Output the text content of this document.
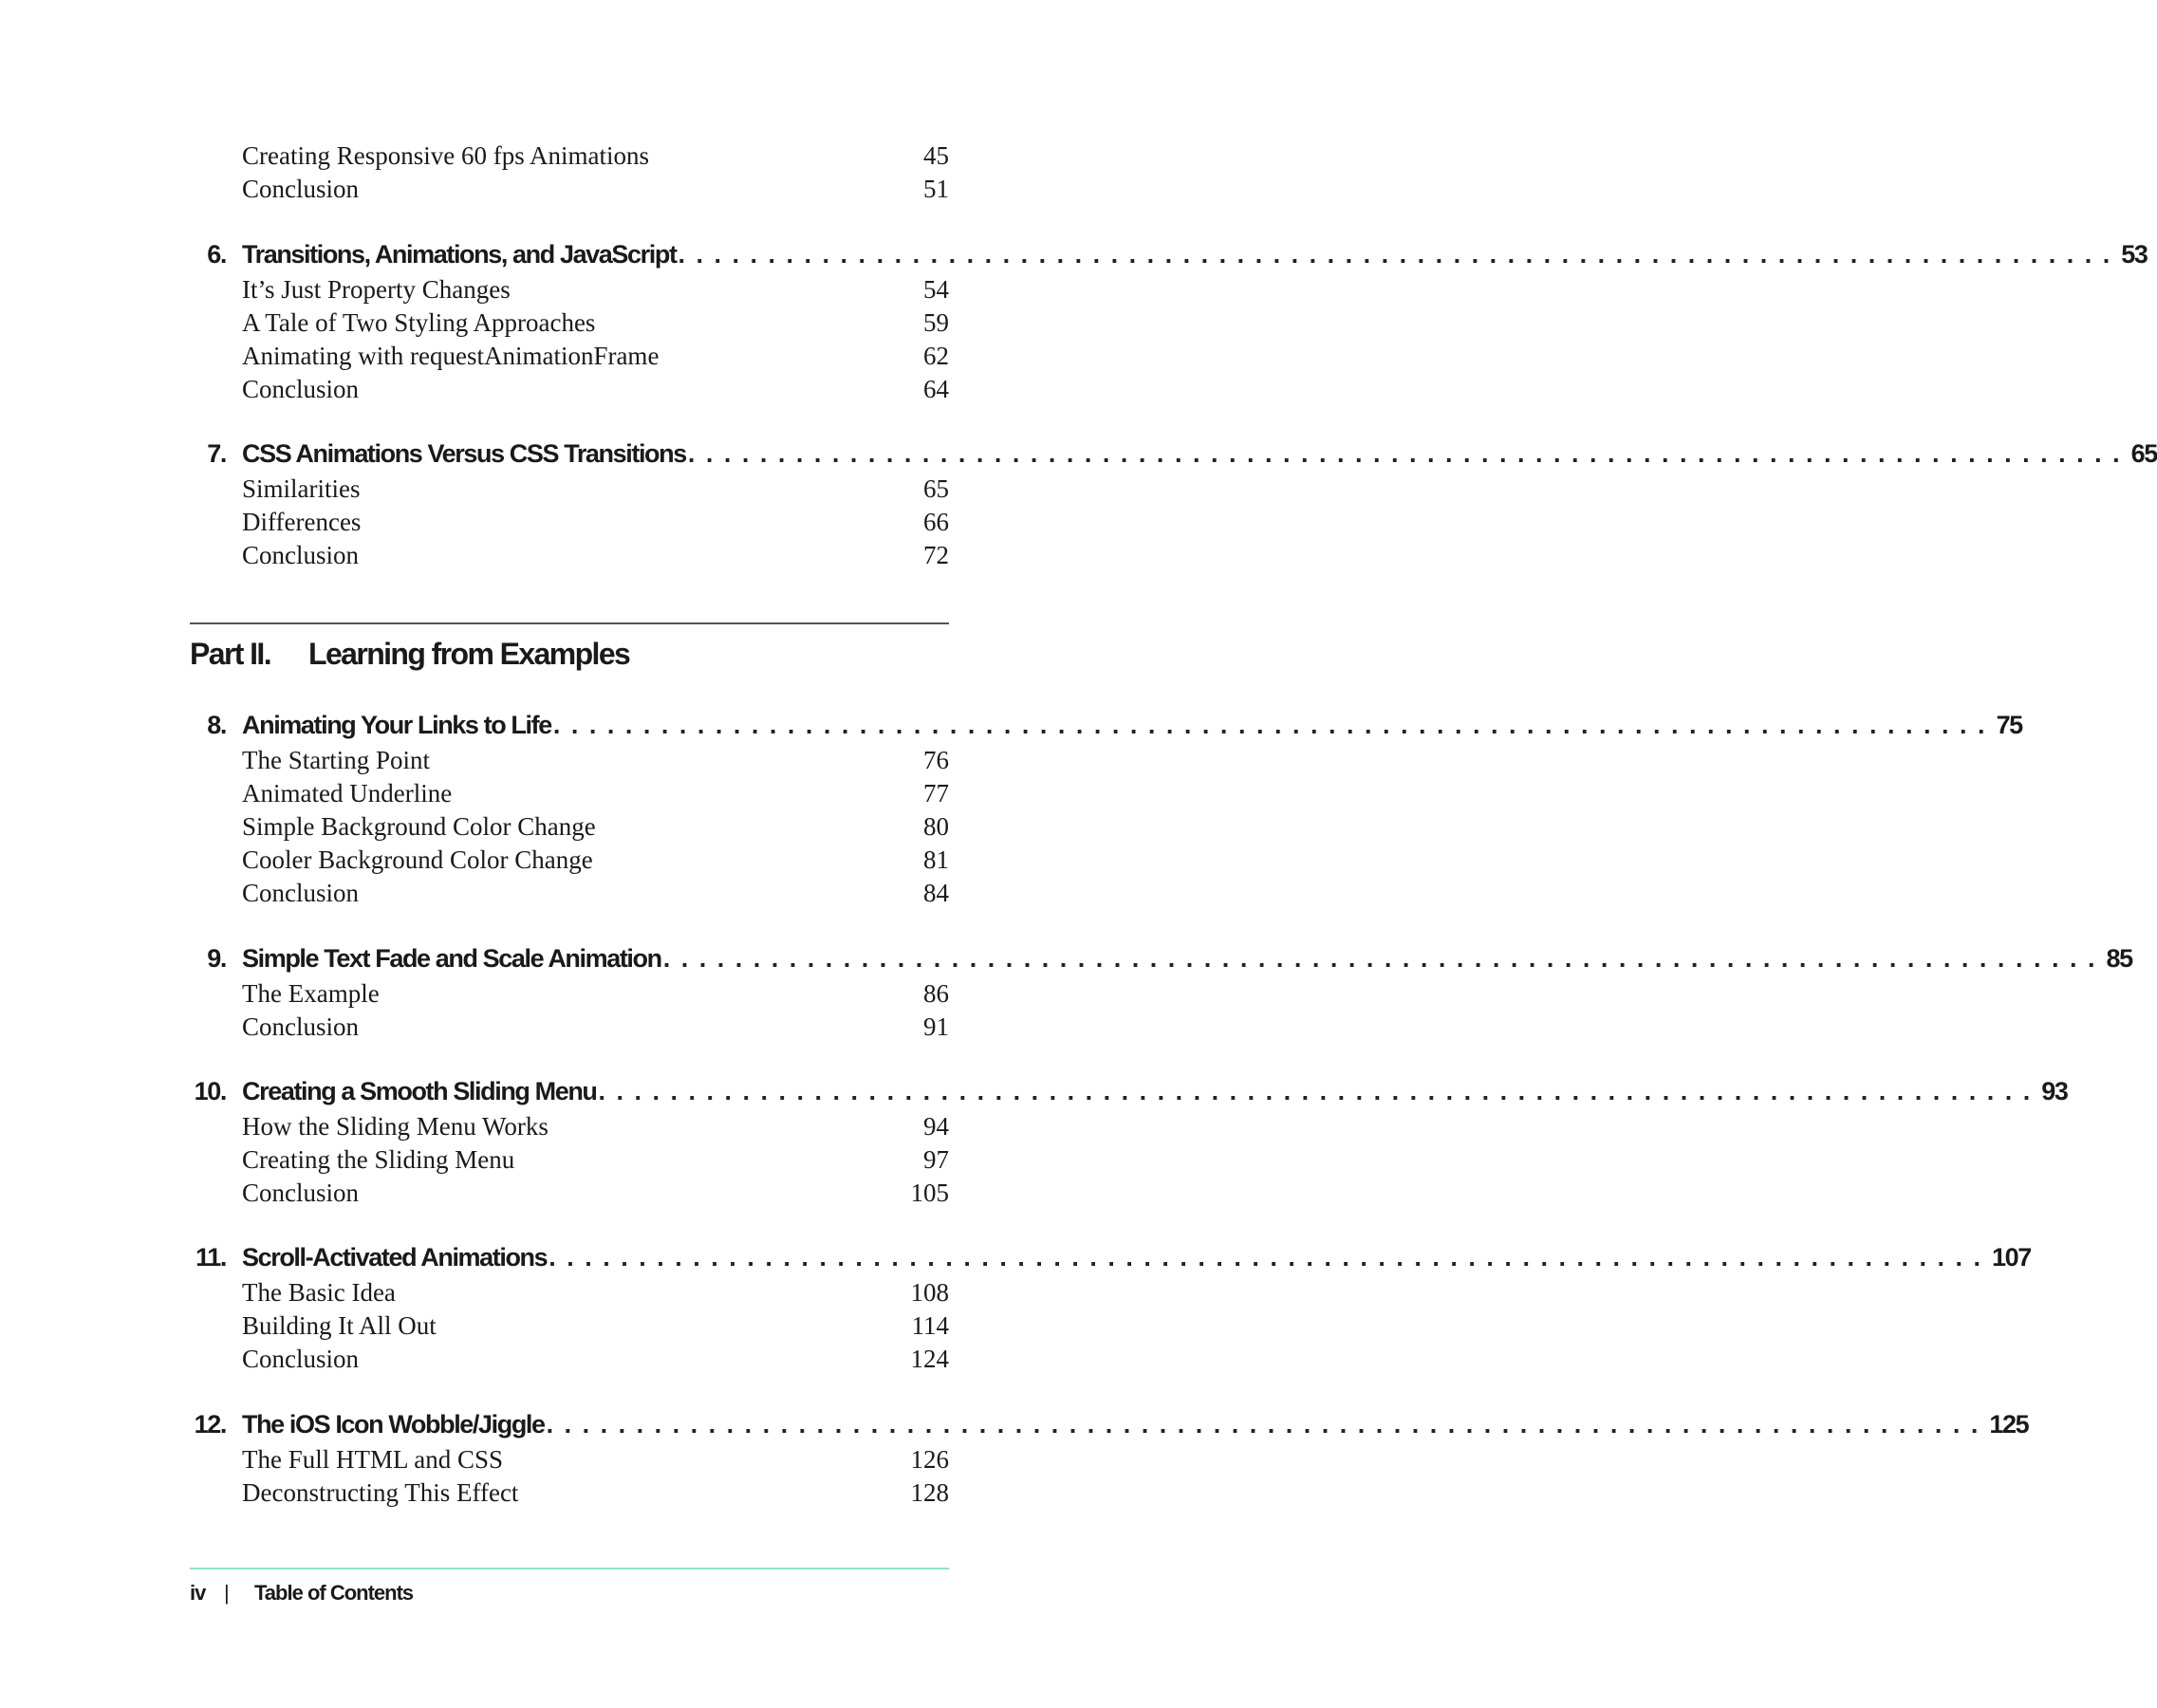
Part II. Learning from Examples
iv | Table of Contents
Creating Responsive 60 fps Animations	45
Conclusion	51
6. Transitions, Animations, and JavaScript . . . . . . . . . . . . . . . . . . . . . . . . . . . . . . . . . . . . . . . . . . . . . . . . . . . . . . . . . . . . . . . . . . . . . . . . . . . . . . . . 53
It’s Just Property Changes	54
A Tale of Two Styling Approaches	59
Animating with requestAnimationFrame	62
Conclusion	64
7. CSS Animations Versus CSS Transitions . . . . . . . . . . . . . . . . . . . . . . . . . . . . . . . . . . . . . . . . . . . . . . . . . . . . . . . . . . . . . . . . . . . . . . . . . . . . . . . . 65
Similarities	65
Differences	66
Conclusion	72
8. Animating Your Links to Life . . . . . . . . . . . . . . . . . . . . . . . . . . . . . . . . . . . . . . . . . . . . . . . . . . . . . . . . . . . . . . . . . . . . . . . . . . . . . . . . 75
The Starting Point	76
Animated Underline	77
Simple Background Color Change	80
Cooler Background Color Change	81
Conclusion	84
9. Simple Text Fade and Scale Animation . . . . . . . . . . . . . . . . . . . . . . . . . . . . . . . . . . . . . . . . . . . . . . . . . . . . . . . . . . . . . . . . . . . . . . . . . . . . . . . . 85
The Example	86
Conclusion	91
10. Creating a Smooth Sliding Menu . . . . . . . . . . . . . . . . . . . . . . . . . . . . . . . . . . . . . . . . . . . . . . . . . . . . . . . . . . . . . . . . . . . . . . . . . . . . . . . . 93
How the Sliding Menu Works	94
Creating the Sliding Menu	97
Conclusion	105
11. Scroll-Activated Animations . . . . . . . . . . . . . . . . . . . . . . . . . . . . . . . . . . . . . . . . . . . . . . . . . . . . . . . . . . . . . . . . . . . . . . . . . . . . . . . . 107
The Basic Idea	108
Building It All Out	114
Conclusion	124
12. The iOS Icon Wobble/Jiggle . . . . . . . . . . . . . . . . . . . . . . . . . . . . . . . . . . . . . . . . . . . . . . . . . . . . . . . . . . . . . . . . . . . . . . . . . . . . . . . . 125
The Full HTML and CSS	126
Deconstructing This Effect	128
